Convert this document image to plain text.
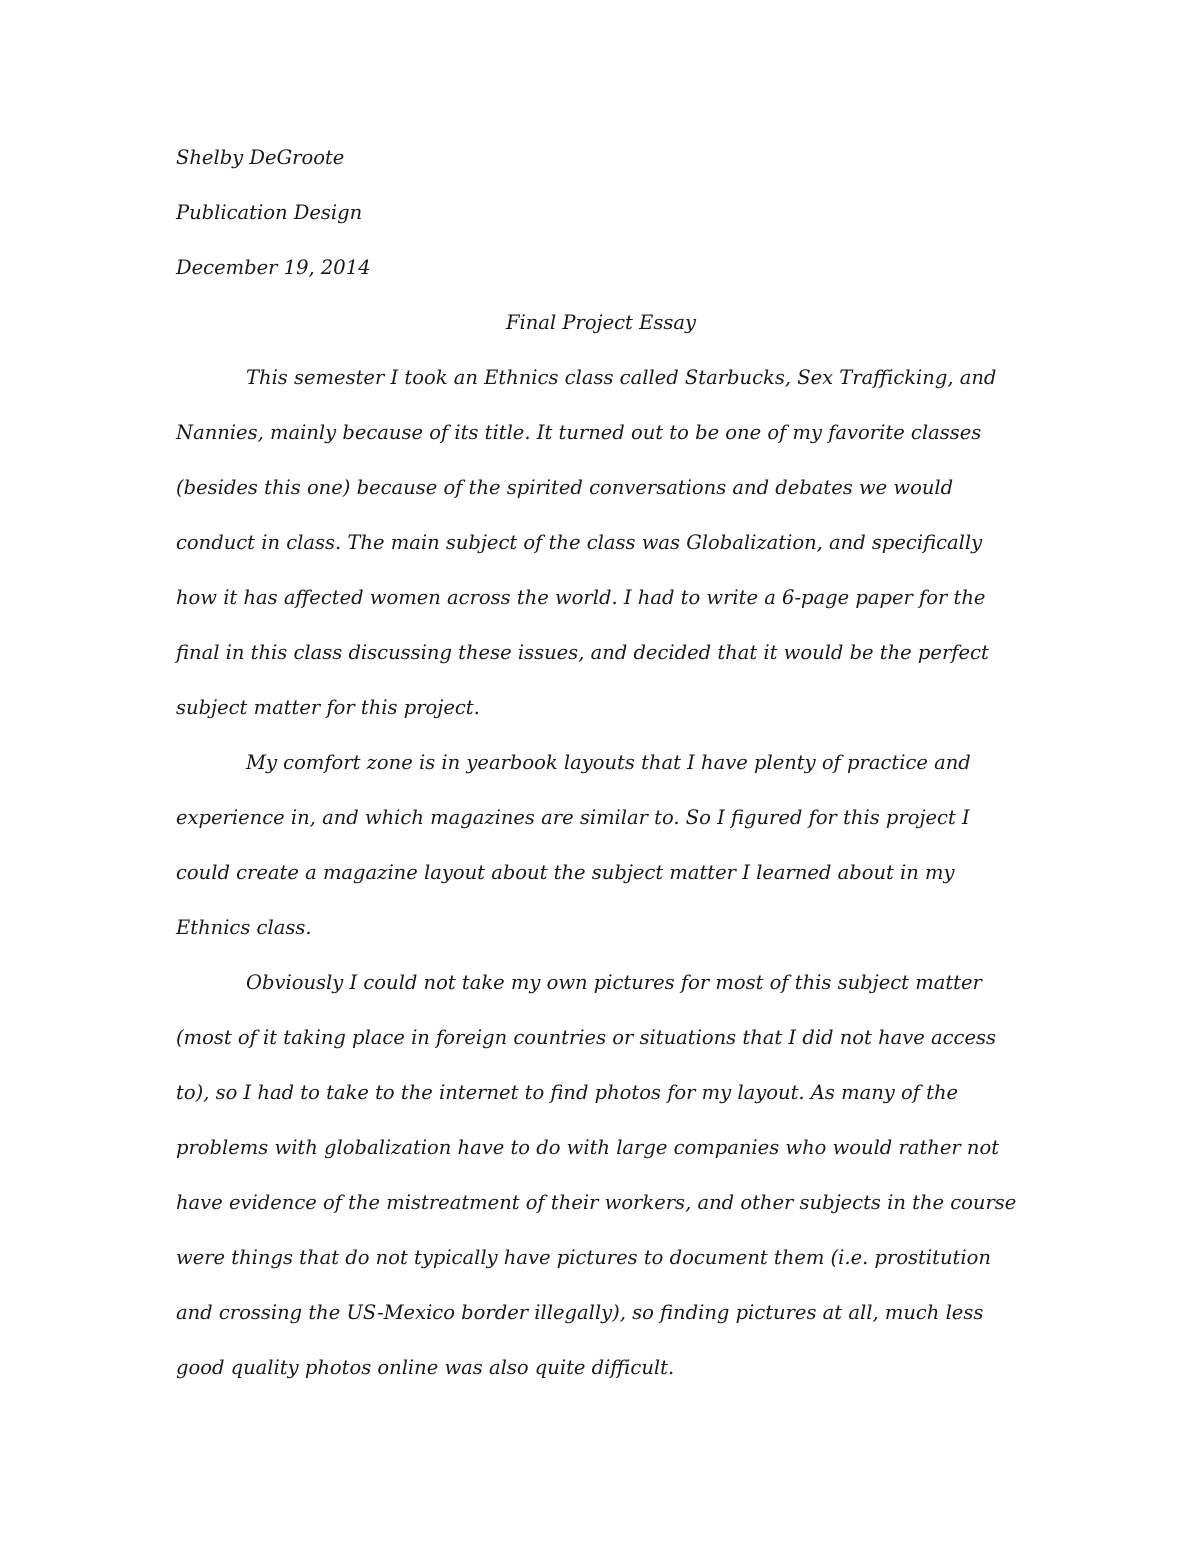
Shelby DeGroote

Publication Design

December 19, 2014

Final Project Essay

This semester I took an Ethnics class called Starbucks, Sex Trafficking, and Nannies, mainly because of its title. It turned out to be one of my favorite classes (besides this one) because of the spirited conversations and debates we would conduct in class. The main subject of the class was Globalization, and specifically how it has affected women across the world. I had to write a 6-page paper for the final in this class discussing these issues, and decided that it would be the perfect subject matter for this project.

My comfort zone is in yearbook layouts that I have plenty of practice and experience in, and which magazines are similar to. So I figured for this project I could create a magazine layout about the subject matter I learned about in my Ethnics class.

Obviously I could not take my own pictures for most of this subject matter (most of it taking place in foreign countries or situations that I did not have access to), so I had to take to the internet to find photos for my layout. As many of the problems with globalization have to do with large companies who would rather not have evidence of the mistreatment of their workers, and other subjects in the course were things that do not typically have pictures to document them (i.e. prostitution and crossing the US-Mexico border illegally), so finding pictures at all, much less good quality photos online was also quite difficult.
